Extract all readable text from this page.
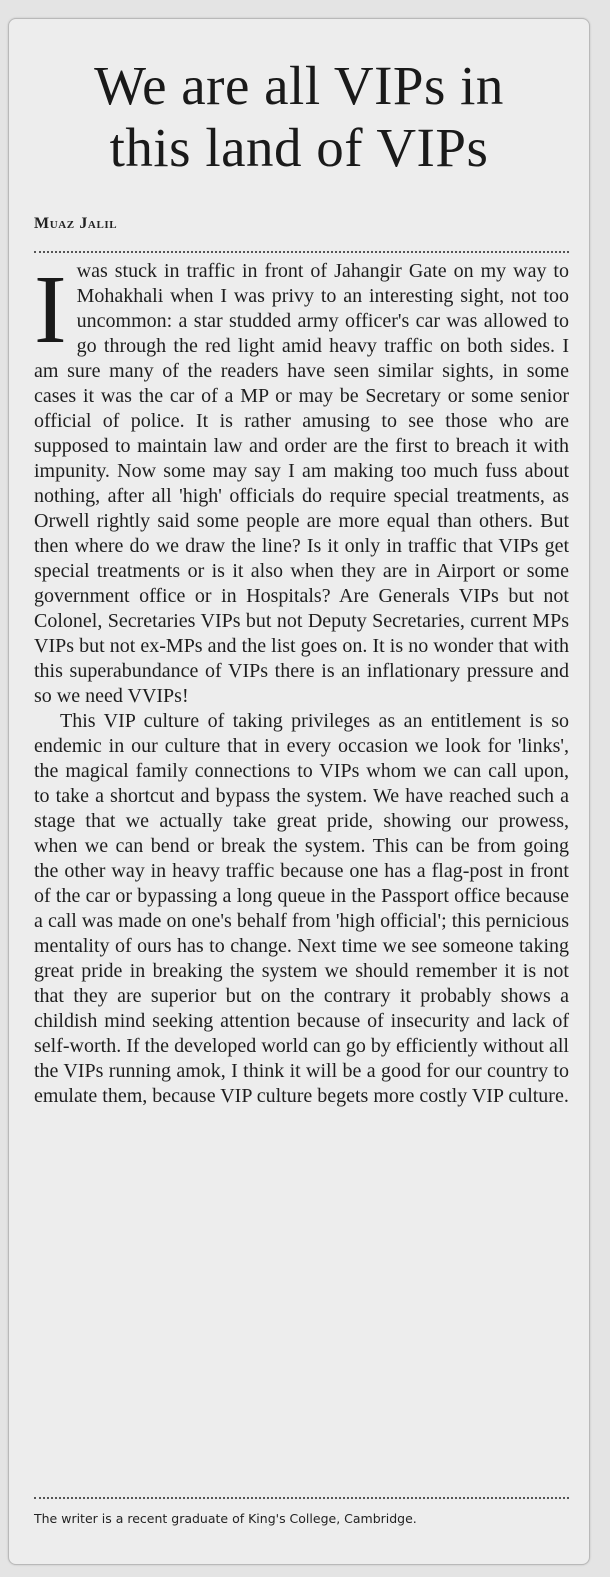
We are all VIPs in
this land of VIPs
Muaz Jalil

Iwas stuck in traffic in front of Jahangir Gate on my way to Mohakhali when I was privy to an interesting sight, not too uncommon: a star studded army officer's car was allowed to go through the red light amid heavy traffic on both sides. I am sure many of the readers have seen similar sights, in some cases it was the car of a MP or may be Secretary or some senior official of police. It is rather amusing to see those who are supposed to maintain law and order are the first to breach it with impunity. Now some may say I am making too much fuss about nothing, after all 'high' officials do require special treatments, as Orwell rightly said some people are more equal than others. But then where do we draw the line? Is it only in traffic that VIPs get special treatments or is it also when they are in Airport or some government office or in Hospitals? Are Generals VIPs but not Colonel, Secretaries VIPs but not Deputy Secretaries, current MPs VIPs but not ex-MPs and the list goes on. It is no wonder that with this superabundance of VIPs there is an inflationary pressure and so we need VVIPs!

This VIP culture of taking privileges as an entitlement is so endemic in our culture that in every occasion we look for 'links', the magical family connections to VIPs whom we can call upon, to take a shortcut and bypass the system. We have reached such a stage that we actually take great pride, showing our prowess, when we can bend or break the system. This can be from going the other way in heavy traffic because one has a flag-post in front of the car or bypassing a long queue in the Passport office because a call was made on one's behalf from 'high official'; this pernicious mentality of ours has to change. Next time we see someone taking great pride in breaking the system we should remember it is not that they are superior but on the contrary it probably shows a childish mind seeking attention because of insecurity and lack of self-worth. If the developed world can go by efficiently without all the VIPs running amok, I think it will be a good for our country to emulate them, because VIP culture begets more costly VIP culture.

The writer is a recent graduate of King's College, Cambridge.
